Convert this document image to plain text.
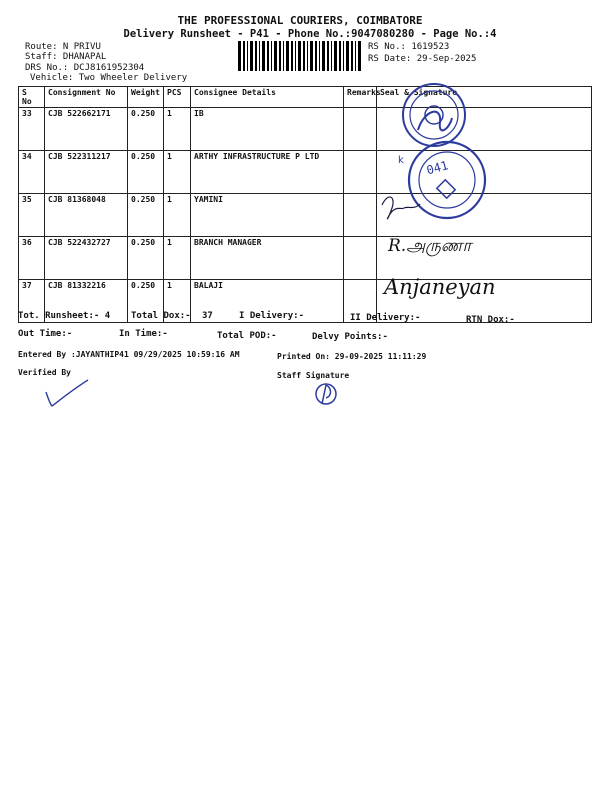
THE PROFESSIONAL COURIERS, COIMBATORE
Delivery Runsheet - P41 - Phone No.:9047080280 - Page No.:4
Route: N PRIVU
Staff: DHANAPAL
DRS No.: DCJ8161952304
Vehicle: Two Wheeler Delivery
RS No.: 1619523
RS Date: 29-Sep-2025
S No	Consignment No	Weight	PCS	Consignee Details	Remarks	Seal & Signature
33	CJB 522662171	0.250	1	IB		
34	CJB 522311217	0.250	1	ARTHY INFRASTRUCTURE P LTD		
35	CJB 81368048	0.250	1	YAMINI		
36	CJB 522432727	0.250	1	BRANCH MANAGER		
37	CJB 81332216	0.250	1	BALAJI		
041
k
R.அருணா
Anjaneyan
Tot. Runsheet:- 4 Total Dox:- 37	I Delivery:-	II Delivery:-	RTN Dox:-
Out Time:-	In Time:-	Total POD:-	Delvy Points:-
Entered By :JAYANTHIP41 09/29/2025 10:59:16 AM	Printed On: 29-09-2025 11:11:29
Verified By	Staff Signature
